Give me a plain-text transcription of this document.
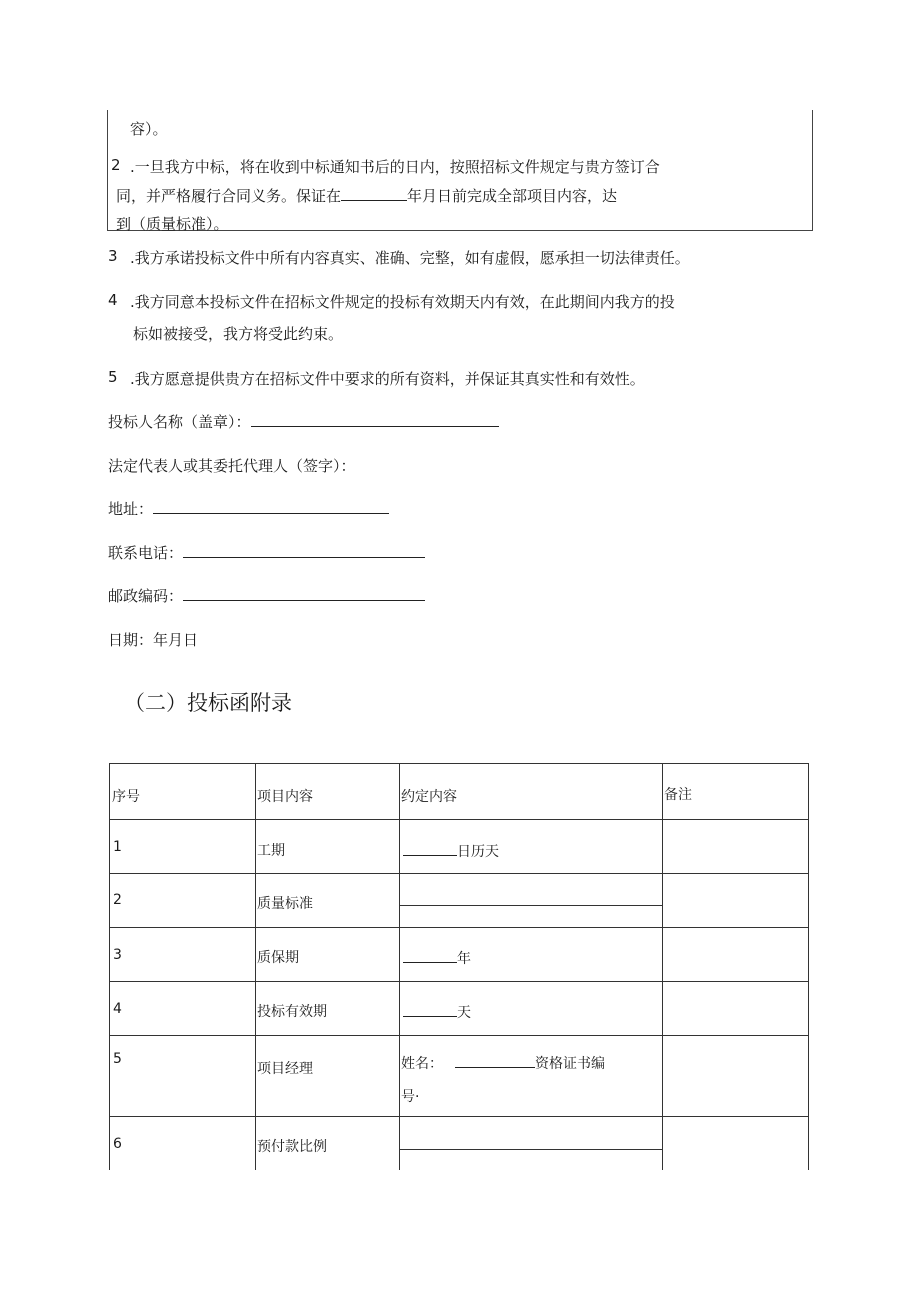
容）。
2 .一旦我方中标，将在收到中标通知书后的日内，按照招标文件规定与贵方签订合
同，并严格履行合同义务。保证在	年月日前完成全部项目内容，达
到（质量标准）。
3 .我方承诺投标文件中所有内容真实、准确、完整，如有虚假，愿承担一切法律责任。
4 .我方同意本投标文件在招标文件规定的投标有效期天内有效，在此期间内我方的投
标如被接受，我方将受此约束。
5 .我方愿意提供贵方在招标文件中要求的所有资料，并保证其真实性和有效性。
投标人名称（盖章）：
法定代表人或其委托代理人（签字）：
地址：
联系电话：
邮政编码：
日期：年月日
（二）投标函附录
序号	项目内容	约定内容	备注

1	工期	日历天	

2	质量标准		

3	质保期	年	

4	投标有效期	天	

5	项目经理	姓名： 资格证书编
号·	

6	预付款比例		
